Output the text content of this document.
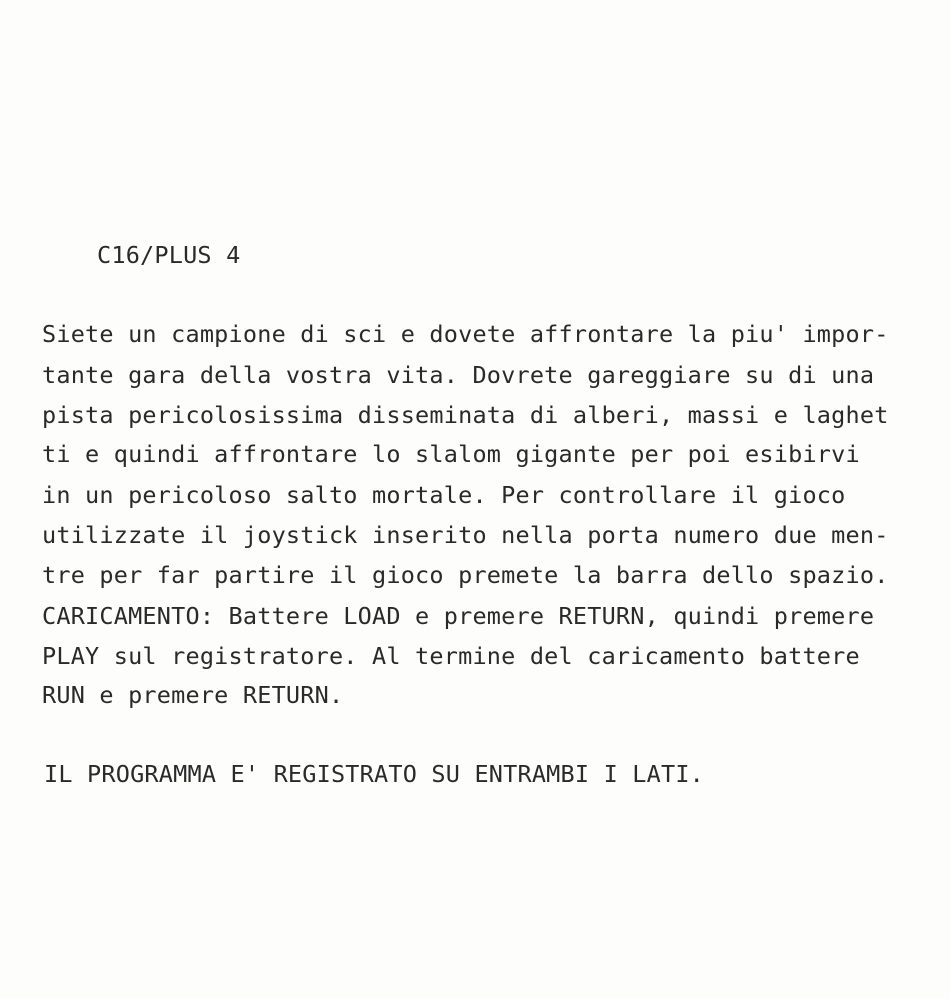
C16/PLUS 4
Siete un campione di sci e dovete affrontare la piu' impor-
tante gara della vostra vita. Dovrete gareggiare su di una
pista pericolosissima disseminata di alberi, massi e laghet
ti e quindi affrontare lo slalom gigante per poi esibirvi
in un pericoloso salto mortale. Per controllare il gioco
utilizzate il joystick inserito nella porta numero due men-
tre per far partire il gioco premete la barra dello spazio.
CARICAMENTO: Battere LOAD e premere RETURN, quindi premere
PLAY sul registratore. Al termine del caricamento battere
RUN e premere RETURN.
IL PROGRAMMA E' REGISTRATO SU ENTRAMBI I LATI.
